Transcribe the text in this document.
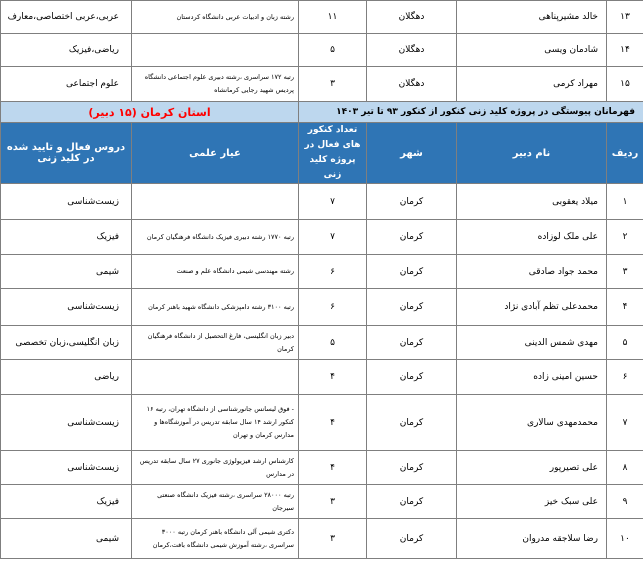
۱۳	خالد مشیرپناهی	دهگلان	۱۱	رشته زبان و ادبیات عربی دانشگاه کردستان	عربی،عربی اختصاصی،معارف
۱۴	شادمان ویسی	دهگلان	۵		ریاضی،فیزیک
۱۵	مهراد کرمی	دهگلان	۳	رتبه ۱۷۲ سراسری ،رشته دبیری علوم اجتماعی دانشگاه پردیس شهید رجایی کرمانشاه	علوم اجتماعی
فهرمانان پیوستگی در پروژه کلید زنی کنکور از کنکور ۹۳ تا تیر ۱۴۰۳				استان کرمان (۱۵ دبیر)	
ردیف	نام دبیر	شهر	تعداد کنکور های فعال در پروژه کلید زنی	عیار علمی	دروس فعال و تایید شده در کلید زنی
۱	میلاد یعقوبی	کرمان	۷		زیست‌شناسی
۲	علی ملک لوزاده	کرمان	۷	رتبه ۱۷۷۰ رشته دبیری فیزیک دانشگاه فرهنگیان کرمان	فیزیک
۳	محمد جواد صادقی	کرمان	۶	رشته مهندسی شیمی دانشگاه علم و صنعت	شیمی
۴	محمدعلی تظم آبادی نژاد	کرمان	۶	رتبه ۳۱۰۰ رشته دامپزشکی دانشگاه شهید باهنر کرمان	زیست‌شناسی
۵	مهدی شمس الدینی	کرمان	۵	دبیر زبان انگلیسی، فارغ التحصیل از دانشگاه فرهنگیان کرمان	زبان انگلیسی،زبان تخصصی
۶	حسین امینی زاده	کرمان	۴		ریاضی
۷	محمدمهدی سالاری	کرمان	۴	- فوق لیسانس جانورشناسی از دانشگاه تهران، رتبه ۱۶ کنکور ارشد ۱۴ سال سابقه تدریس در آموزشگاه‌ها و مدارس کرمان و تهران	زیست‌شناسی
۸	علی تصیرپور	کرمان	۴	کارشناس ارشد فیزیولوژی جانوری ۲۷ سال سابقه تدریس در مدارس	زیست‌شناسی
۹	علی سبک خیز	کرمان	۳	رتبه ۲۸۰۰۰ سراسری ،رشته فیزیک دانشگاه صنعتی سیرجان	فیزیک
۱۰	رضا سلاجقه مدروان	کرمان	۳	دکتری شیمی آلی دانشگاه باهنر کرمان رتبه ۳۰۰۰ سراسری ،رشته آموزش شیمی دانشگاه بافت،کرمان	شیمی
